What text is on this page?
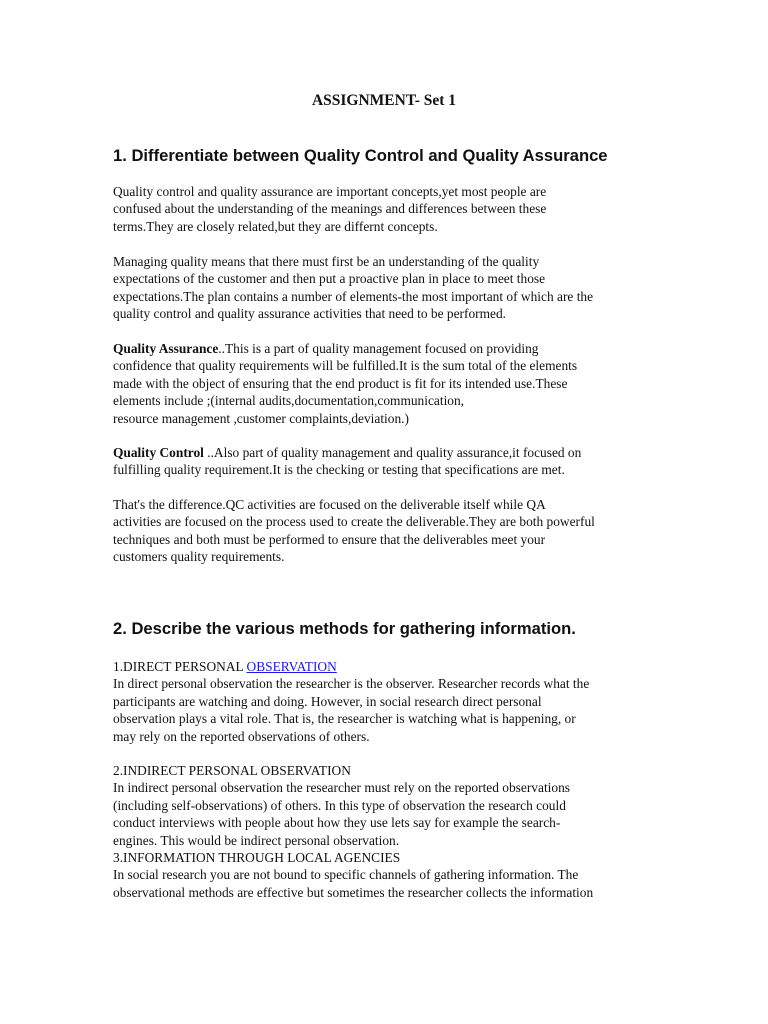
ASSIGNMENT- Set 1
1. Differentiate between Quality Control and Quality Assurance

Quality control and quality assurance are important concepts,yet most people are
confused about the understanding of the meanings and differences between these
terms.They are closely related,but they are differnt concepts.

Managing quality means that there must first be an understanding of the quality
expectations of the customer and then put a proactive plan in place to meet those
expectations.The plan contains a number of elements-the most important of which are the
quality control and quality assurance activities that need to be performed.

Quality Assurance..This is a part of quality management focused on providing
confidence that quality requirements will be fulfilled.It is the sum total of the elements
made with the object of ensuring that the end product is fit for its intended use.These
elements include ;(internal audits,documentation,communication,
resource management ,customer complaints,deviation.)

Quality Control ..Also part of quality management and quality assurance,it focused on
fulfilling quality requirement.It is the checking or testing that specifications are met.

That's the difference.QC activities are focused on the deliverable itself while QA
activities are focused on the process used to create the deliverable.They are both powerful
techniques and both must be performed to ensure that the deliverables meet your
customers quality requirements.

2. Describe the various methods for gathering information.

1.DIRECT PERSONAL OBSERVATION
In direct personal observation the researcher is the observer. Researcher records what the
participants are watching and doing. However, in social research direct personal
observation plays a vital role. That is, the researcher is watching what is happening, or
may rely on the reported observations of others.

2.INDIRECT PERSONAL OBSERVATION
In indirect personal observation the researcher must rely on the reported observations
(including self-observations) of others. In this type of observation the research could
conduct interviews with people about how they use lets say for example the search-
engines. This would be indirect personal observation.
3.INFORMATION THROUGH LOCAL AGENCIES
In social research you are not bound to specific channels of gathering information. The
observational methods are effective but sometimes the researcher collects the information
